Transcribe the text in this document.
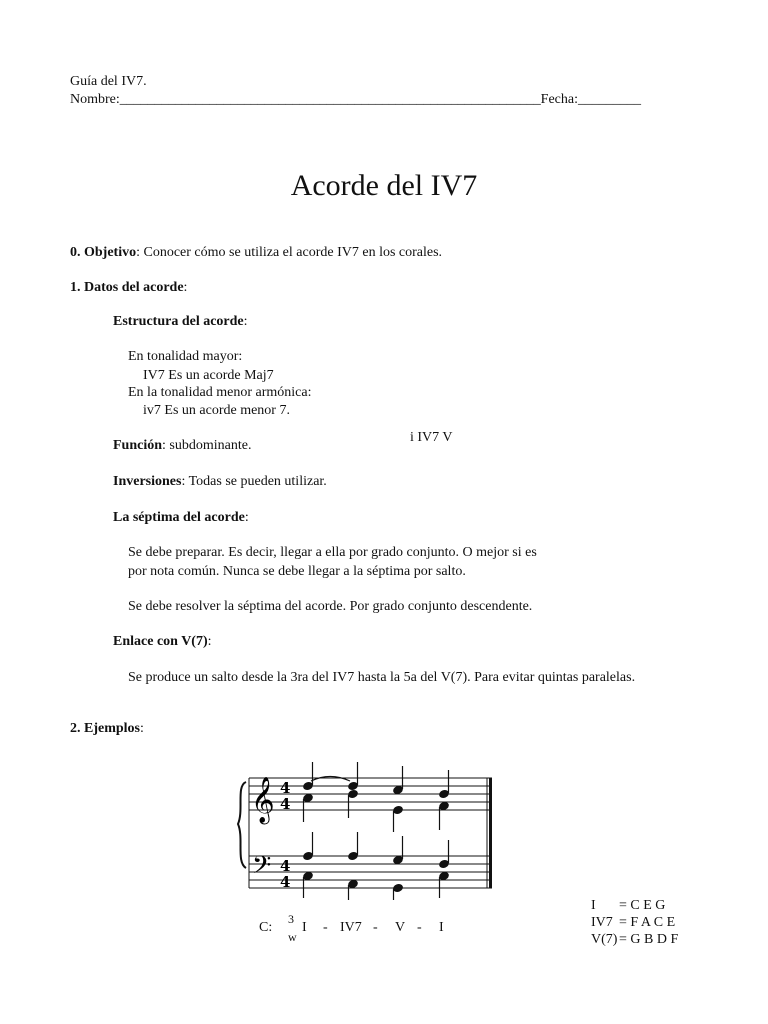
Guía del IV7.
Nombre:_____________________________________________________________Fecha:_________
Acorde del IV7
0. Objetivo: Conocer cómo se utiliza el acorde IV7 en los corales.
1. Datos del acorde:
Estructura del acorde:
En tonalidad mayor:
IV7 Es un acorde Maj7
En la tonalidad menor armónica:
iv7 Es un acorde menor 7.
Función: subdominante.
i IV7 V
Inversiones: Todas se pueden utilizar.
La séptima del acorde:
Se debe preparar. Es decir, llegar a ella por grado conjunto. O mejor si es
por nota común. Nunca se debe llegar a la séptima por salto.
Se debe resolver la séptima del acorde. Por grado conjunto descendente.
Enlace con V(7):
Se produce un salto desde la 3ra del IV7 hasta la 5a del V(7). Para evitar quintas paralelas.
2. Ejemplos:
𝄞
𝄢
4
4
4
4
C:
3
w
I - IV7 - V - I
I = C E G
IV7 = F A C E
V(7) = G B D F
